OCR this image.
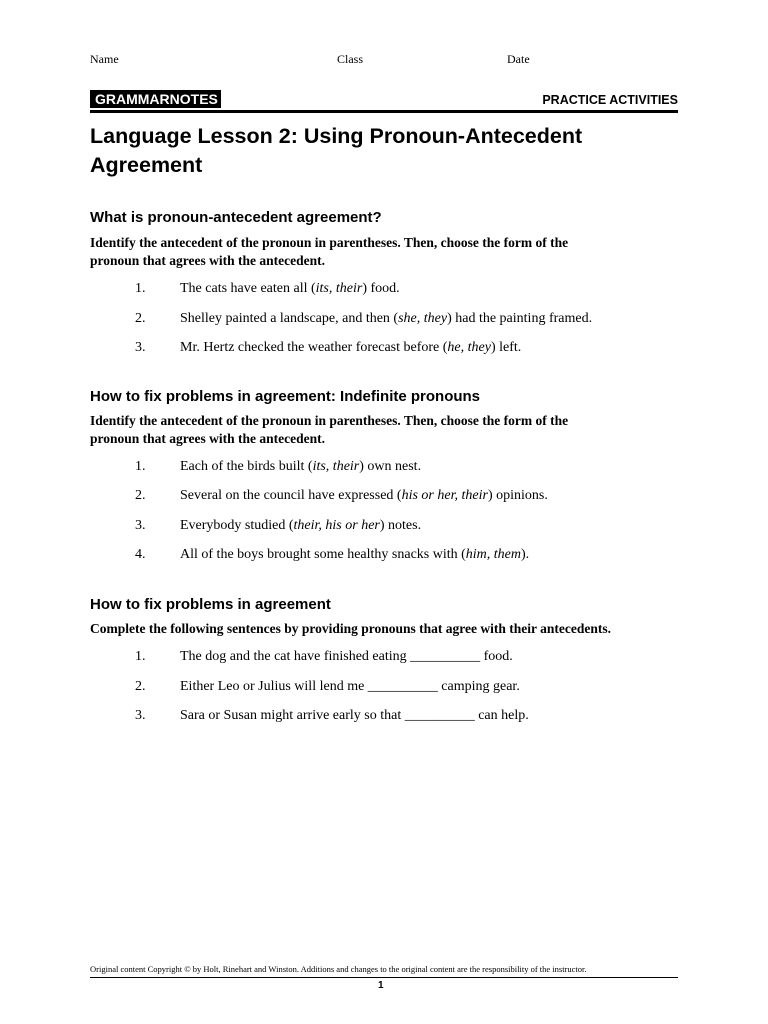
Name	Class	Date
GRAMMARNOTES	PRACTICE ACTIVITIES
Language Lesson 2: Using Pronoun-Antecedent
Agreement
What is pronoun-antecedent agreement?

Identify the antecedent of the pronoun in parentheses. Then, choose the form of the
pronoun that agrees with the antecedent.

1. The cats have eaten all (its, their) food.
2. Shelley painted a landscape, and then (she, they) had the painting framed.
3. Mr. Hertz checked the weather forecast before (he, they) left.
How to fix problems in agreement: Indefinite pronouns

Identify the antecedent of the pronoun in parentheses. Then, choose the form of the
pronoun that agrees with the antecedent.

1. Each of the birds built (its, their) own nest.
2. Several on the council have expressed (his or her, their) opinions.
3. Everybody studied (their, his or her) notes.
4. All of the boys brought some healthy snacks with (him, them).
How to fix problems in agreement

Complete the following sentences by providing pronouns that agree with their antecedents.

1. The dog and the cat have finished eating __________ food.
2. Either Leo or Julius will lend me __________ camping gear.
3. Sara or Susan might arrive early so that __________ can help.
Original content Copyright © by Holt, Rinehart and Winston. Additions and changes to the original content are the responsibility of the instructor.
1
